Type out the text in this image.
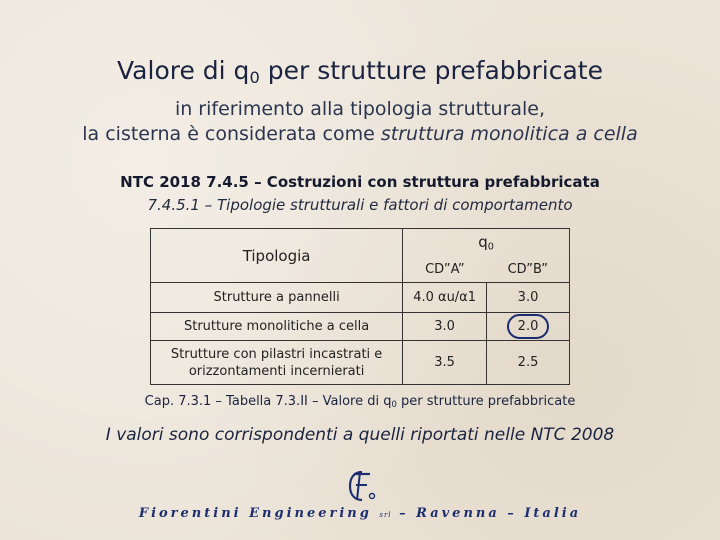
Valore di $q_0$ per strutture prefabbricate
in riferimento alla tipologia strutturale,
la cisterna è considerata come struttura monolitica a cella
NTC 2018 7.4.5 – Costruzioni con struttura prefabbricata
7.4.5.1 – Tipologie strutturali e fattori di comportamento
Tipologia	$q_0$
	CD”A”	CD”B”
Strutture a pannelli	4.0 αu/α1	3.0
Strutture monolitiche a cella	3.0	2.0
Strutture con pilastri incastrati e orizzontamenti incernierati	3.5	2.5
Cap. 7.3.1 – Tabella 7.3.II – Valore di $q_0$ per strutture prefabbricate
I valori sono corrispondenti a quelli riportati nelle NTC 2008
Fiorentini Engineering srl – Ravenna – Italia
